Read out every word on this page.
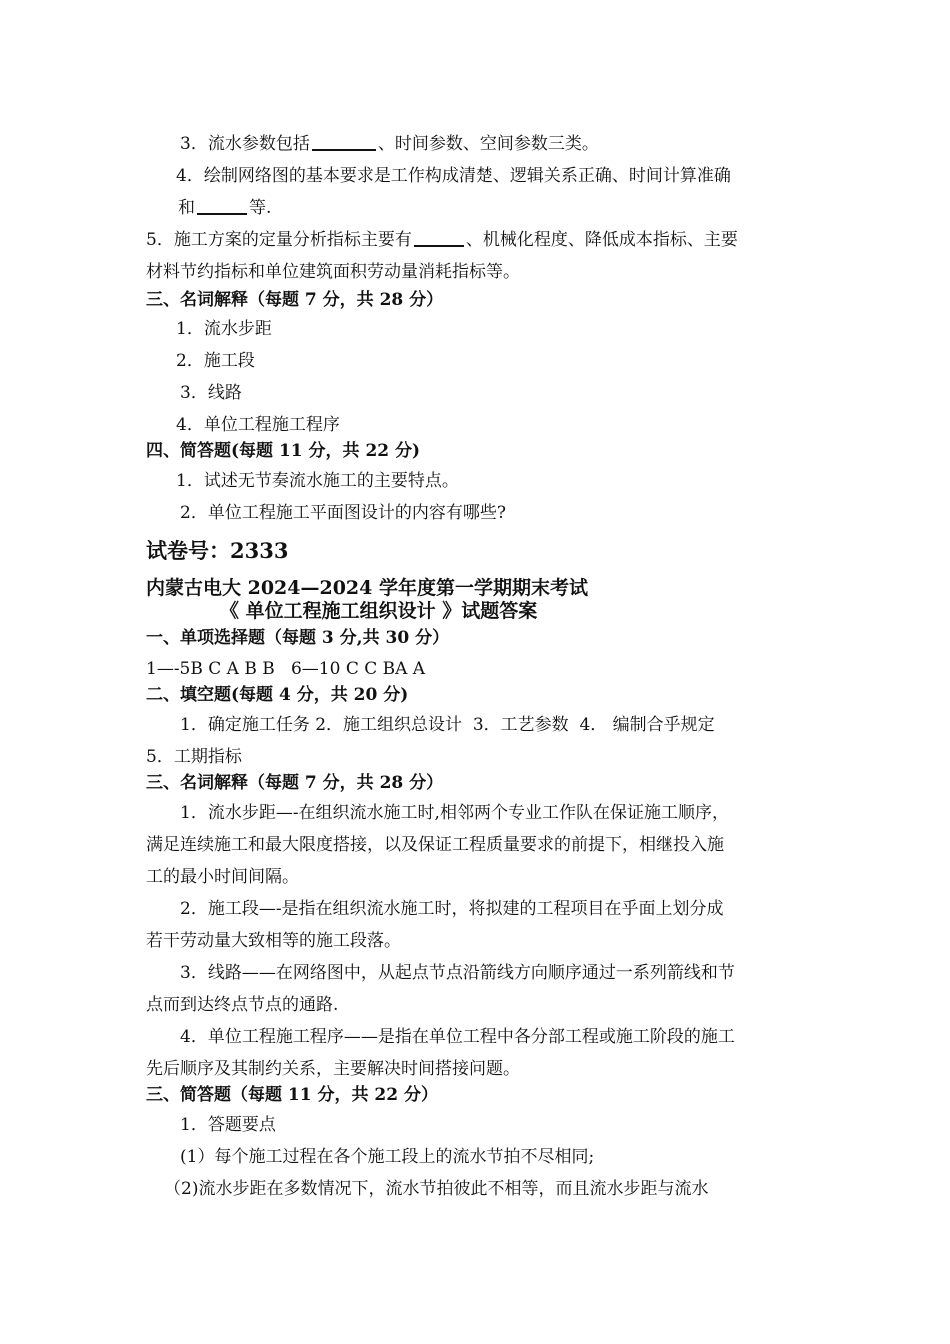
3．流水参数包括	、时间参数、空间参数三类。
4．绘制网络图的基本要求是工作构成清楚、逻辑关系正确、时间计算准确
和	等.
5．施工方案的定量分析指标主要有	、机械化程度、降低成本指标、主要
材料节约指标和单位建筑面积劳动量消耗指标等。
三、名词解释（每题 7 分，共 28 分）
1．流水步距
2．施工段
3．线路
4．单位工程施工程序
四、简答题(每题 11 分，共 22 分)
1．试述无节奏流水施工的主要特点。
2．单位工程施工平面图设计的内容有哪些?
试卷号：2333
内蒙古电大 2024—2024 学年度第一学期期末考试
《 单位工程施工组织设计 》试题答案
一、单项选择题（每题 3 分,共 30 分）
1—-5B C A B B   6—10 C C BA A
二、填空题(每题 4 分，共 20 分)
1．确定施工任务 2．施工组织总设计  3．工艺参数  4． 编制合乎规定
5．工期指标
三、名词解释（每题 7 分，共 28 分）
1．流水步距—-在组织流水施工时,相邻两个专业工作队在保证施工顺序，
满足连续施工和最大限度搭接，以及保证工程质量要求的前提下，相继投入施
工的最小时间间隔。
2．施工段—-是指在组织流水施工时，将拟建的工程项目在乎面上划分成
若干劳动量大致相等的施工段落。
3．线路——在网络图中，从起点节点沿箭线方向顺序通过一系列箭线和节
点而到达终点节点的通路.
4．单位工程施工程序——是指在单位工程中各分部工程或施工阶段的施工
先后顺序及其制约关系，主要解决时间搭接问题。
三、简答题（每题 11 分，共 22 分）
1．答题要点
(1）每个施工过程在各个施工段上的流水节拍不尽相同;
（2)流水步距在多数情况下，流水节拍彼此不相等，而且流水步距与流水
